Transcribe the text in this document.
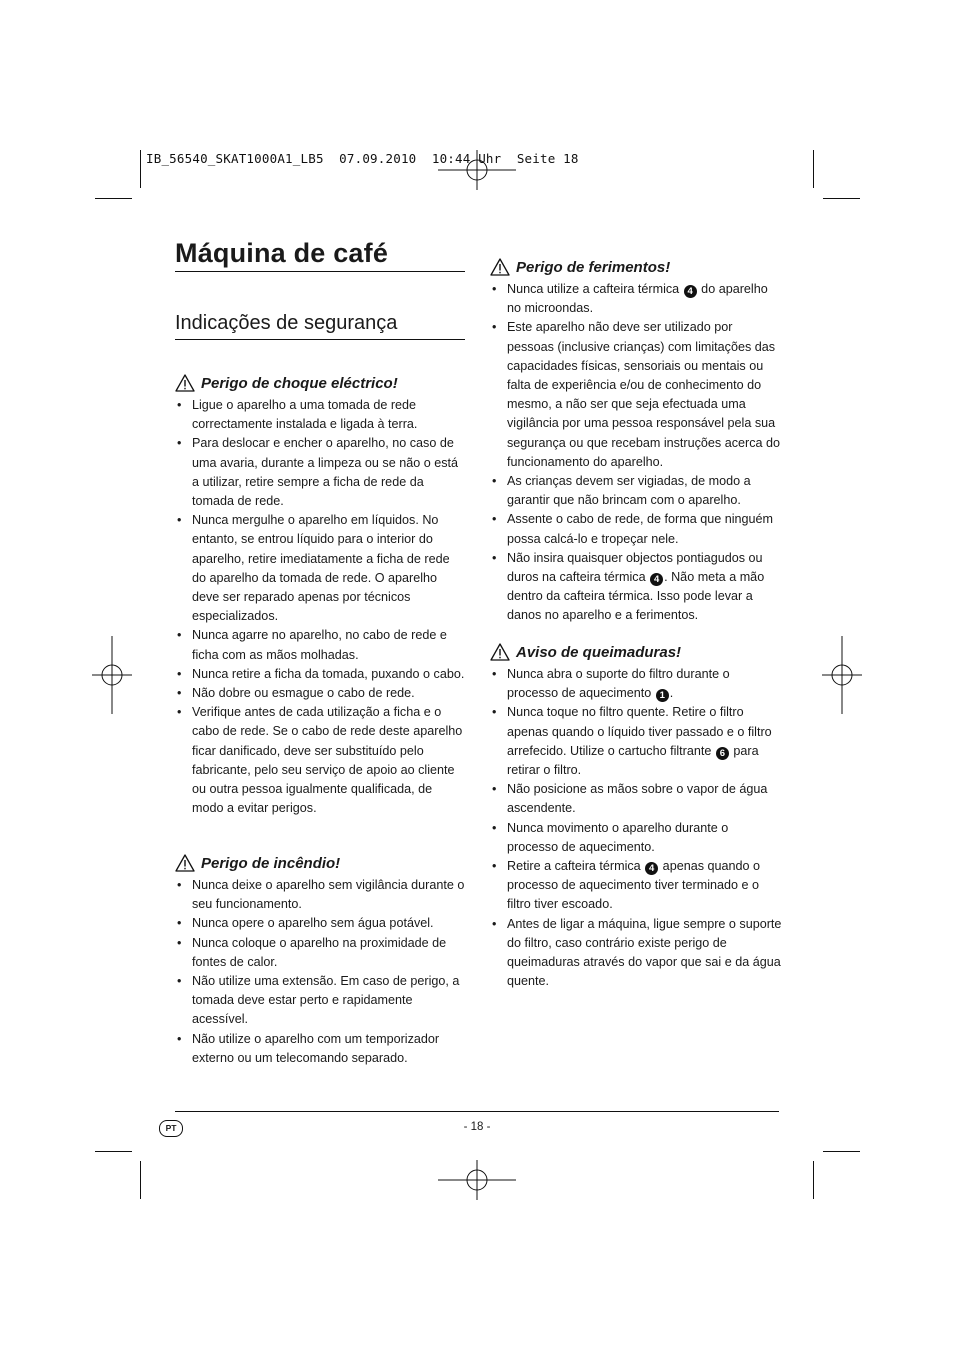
IB_56540_SKAT1000A1_LB5  07.09.2010  10:44 Uhr  Seite 18
Máquina de café
Indicações de segurança
Perigo de choque eléctrico!
• Ligue o aparelho a uma tomada de rede correctamente instalada e ligada à terra.
• Para deslocar e encher o aparelho, no caso de uma avaria, durante a limpeza ou se não o está a utilizar, retire sempre a ficha de rede da tomada de rede.
• Nunca mergulhe o aparelho em líquidos. No entanto, se entrou líquido para o interior do aparelho, retire imediatamente a ficha de rede do aparelho da tomada de rede. O aparelho deve ser reparado apenas por técnicos especializados.
• Nunca agarre no aparelho, no cabo de rede e ficha com as mãos molhadas.
• Nunca retire a ficha da tomada, puxando o cabo.
• Não dobre ou esmague o cabo de rede.
• Verifique antes de cada utilização a ficha e o cabo de rede. Se o cabo de rede deste aparelho ficar danificado, deve ser substituído pelo fabricante, pelo seu serviço de apoio ao cliente ou outra pessoa igualmente qualificada, de modo a evitar perigos.
Perigo de incêndio!
• Nunca deixe o aparelho sem vigilância durante o seu funcionamento.
• Nunca opere o aparelho sem água potável.
• Nunca coloque o aparelho na proximidade de fontes de calor.
• Não utilize uma extensão. Em caso de perigo, a tomada deve estar perto e rapidamente acessível.
• Não utilize o aparelho com um temporizador externo ou um telecomando separado.
Perigo de ferimentos!
• Nunca utilize a cafteira térmica 4 do aparelho no microondas.
• Este aparelho não deve ser utilizado por pessoas (inclusive crianças) com limitações das capacidades físicas, sensoriais ou mentais ou falta de experiência e/ou de conhecimento do mesmo, a não ser que seja efectuada uma vigilância por uma pessoa responsável pela sua segurança ou que recebam instruções acerca do funcionamento do aparelho.
• As crianças devem ser vigiadas, de modo a garantir que não brincam com o aparelho.
• Assente o cabo de rede, de forma que ninguém possa calcá-lo e tropeçar nele.
• Não insira quaisquer objectos pontiagudos ou duros na cafteira térmica 4 . Não meta a mão dentro da cafteira térmica. Isso pode levar a danos no aparelho e a ferimentos.
Aviso de queimaduras!
• Nunca abra o suporte do filtro durante o processo de aquecimento 1 .
• Nunca toque no filtro quente. Retire o filtro apenas quando o líquido tiver passado e o filtro arrefecido. Utilize o cartucho filtrante 6 para retirar o filtro.
• Não posicione as mãos sobre o vapor de água ascendente.
• Nunca movimento o aparelho durante o processo de aquecimento.
• Retire a cafteira térmica 4 apenas quando o processo de aquecimento tiver terminado e o filtro tiver escoado.
• Antes de ligar a máquina, ligue sempre o suporte do filtro, caso contrário existe perigo de queimaduras através do vapor que sai e da água quente.
PT	- 18 -
